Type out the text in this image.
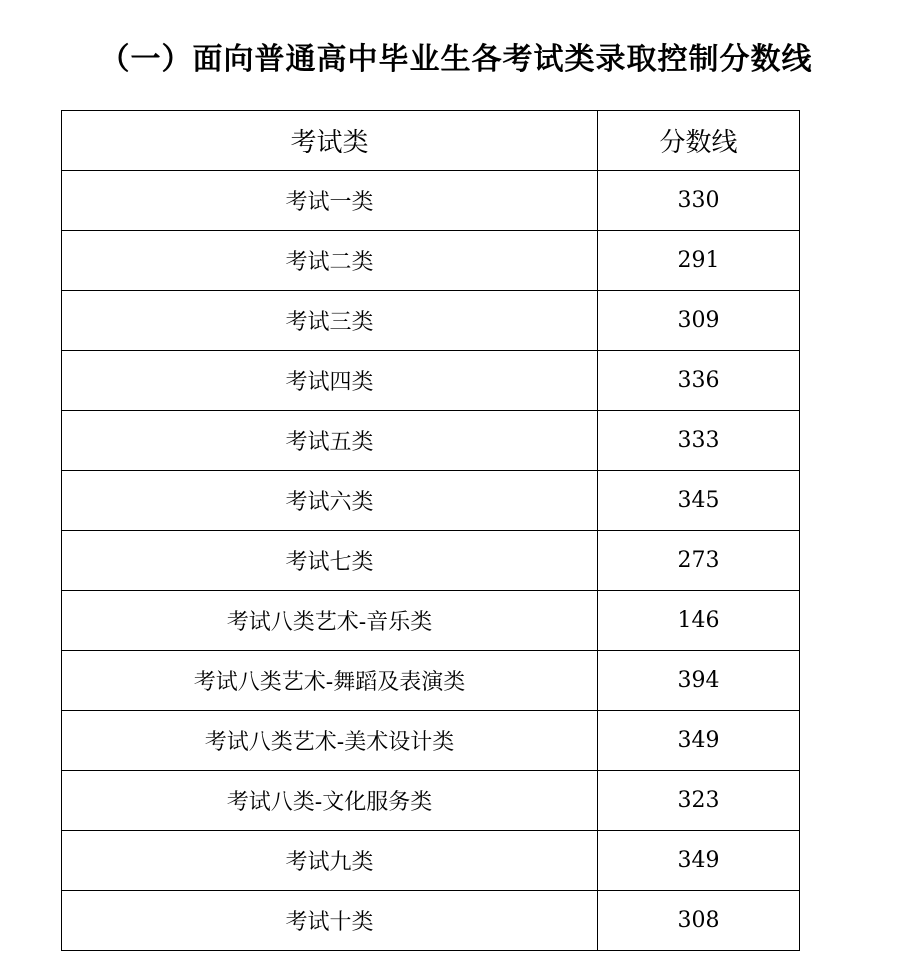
（一）面向普通高中毕业生各考试类录取控制分数线
考试类	分数线
考试一类	330
考试二类	291
考试三类	309
考试四类	336
考试五类	333
考试六类	345
考试七类	273
考试八类艺术-音乐类	146
考试八类艺术-舞蹈及表演类	394
考试八类艺术-美术设计类	349
考试八类-文化服务类	323
考试九类	349
考试十类	308
